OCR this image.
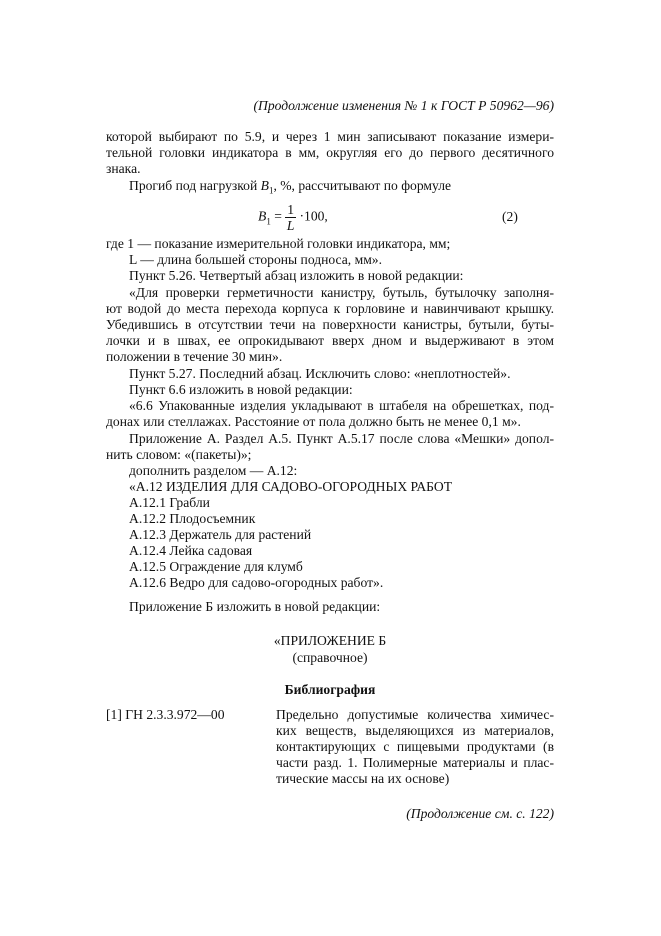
(Продолжение изменения № 1 к ГОСТ Р 50962—96)
которой выбирают по 5.9, и через 1 мин записывают показание измери-
тельной головки индикатора в мм, округляя его до первого десятичного
знака.
Прогиб под нагрузкой $B_1$, %, рассчитывают по формуле
$B_1 = \frac{1}{L} \cdot 100$,	(2)
где 1 — показание измерительной головки индикатора, мм;
L — длина большей стороны подноса, мм».
Пункт 5.26. Четвертый абзац изложить в новой редакции:
«Для проверки герметичности канистру, бутыль, бутылочку заполня-
ют водой до места перехода корпуса к горловине и навинчивают крышку.
Убедившись в отсутствии течи на поверхности канистры, бутыли, буты-
лочки и в швах, ее опрокидывают вверх дном и выдерживают в этом
положении в течение 30 мин».
Пункт 5.27. Последний абзац. Исключить слово: «неплотностей».
Пункт 6.6 изложить в новой редакции:
«6.6 Упакованные изделия укладывают в штабеля на обрешетках, под-
донах или стеллажах. Расстояние от пола должно быть не менее 0,1 м».
Приложение А. Раздел А.5. Пункт А.5.17 после слова «Мешки» допол-
нить словом: «(пакеты)»;
дополнить разделом — А.12:
«А.12 ИЗДЕЛИЯ ДЛЯ САДОВО-ОГОРОДНЫХ РАБОТ
А.12.1 Грабли
А.12.2 Плодосъемник
А.12.3 Держатель для растений
А.12.4 Лейка садовая
А.12.5 Ограждение для клумб
А.12.6 Ведро для садово-огородных работ».
Приложение Б изложить в новой редакции:
«ПРИЛОЖЕНИЕ Б
(справочное)
Библиография
[1] ГН 2.3.3.972—00	Предельно допустимые количества химичес-
ких веществ, выделяющихся из материалов,
контактирующих с пищевыми продуктами (в
части разд. 1. Полимерные материалы и плас-
тические массы на их основе)
(Продолжение см. с. 122)
